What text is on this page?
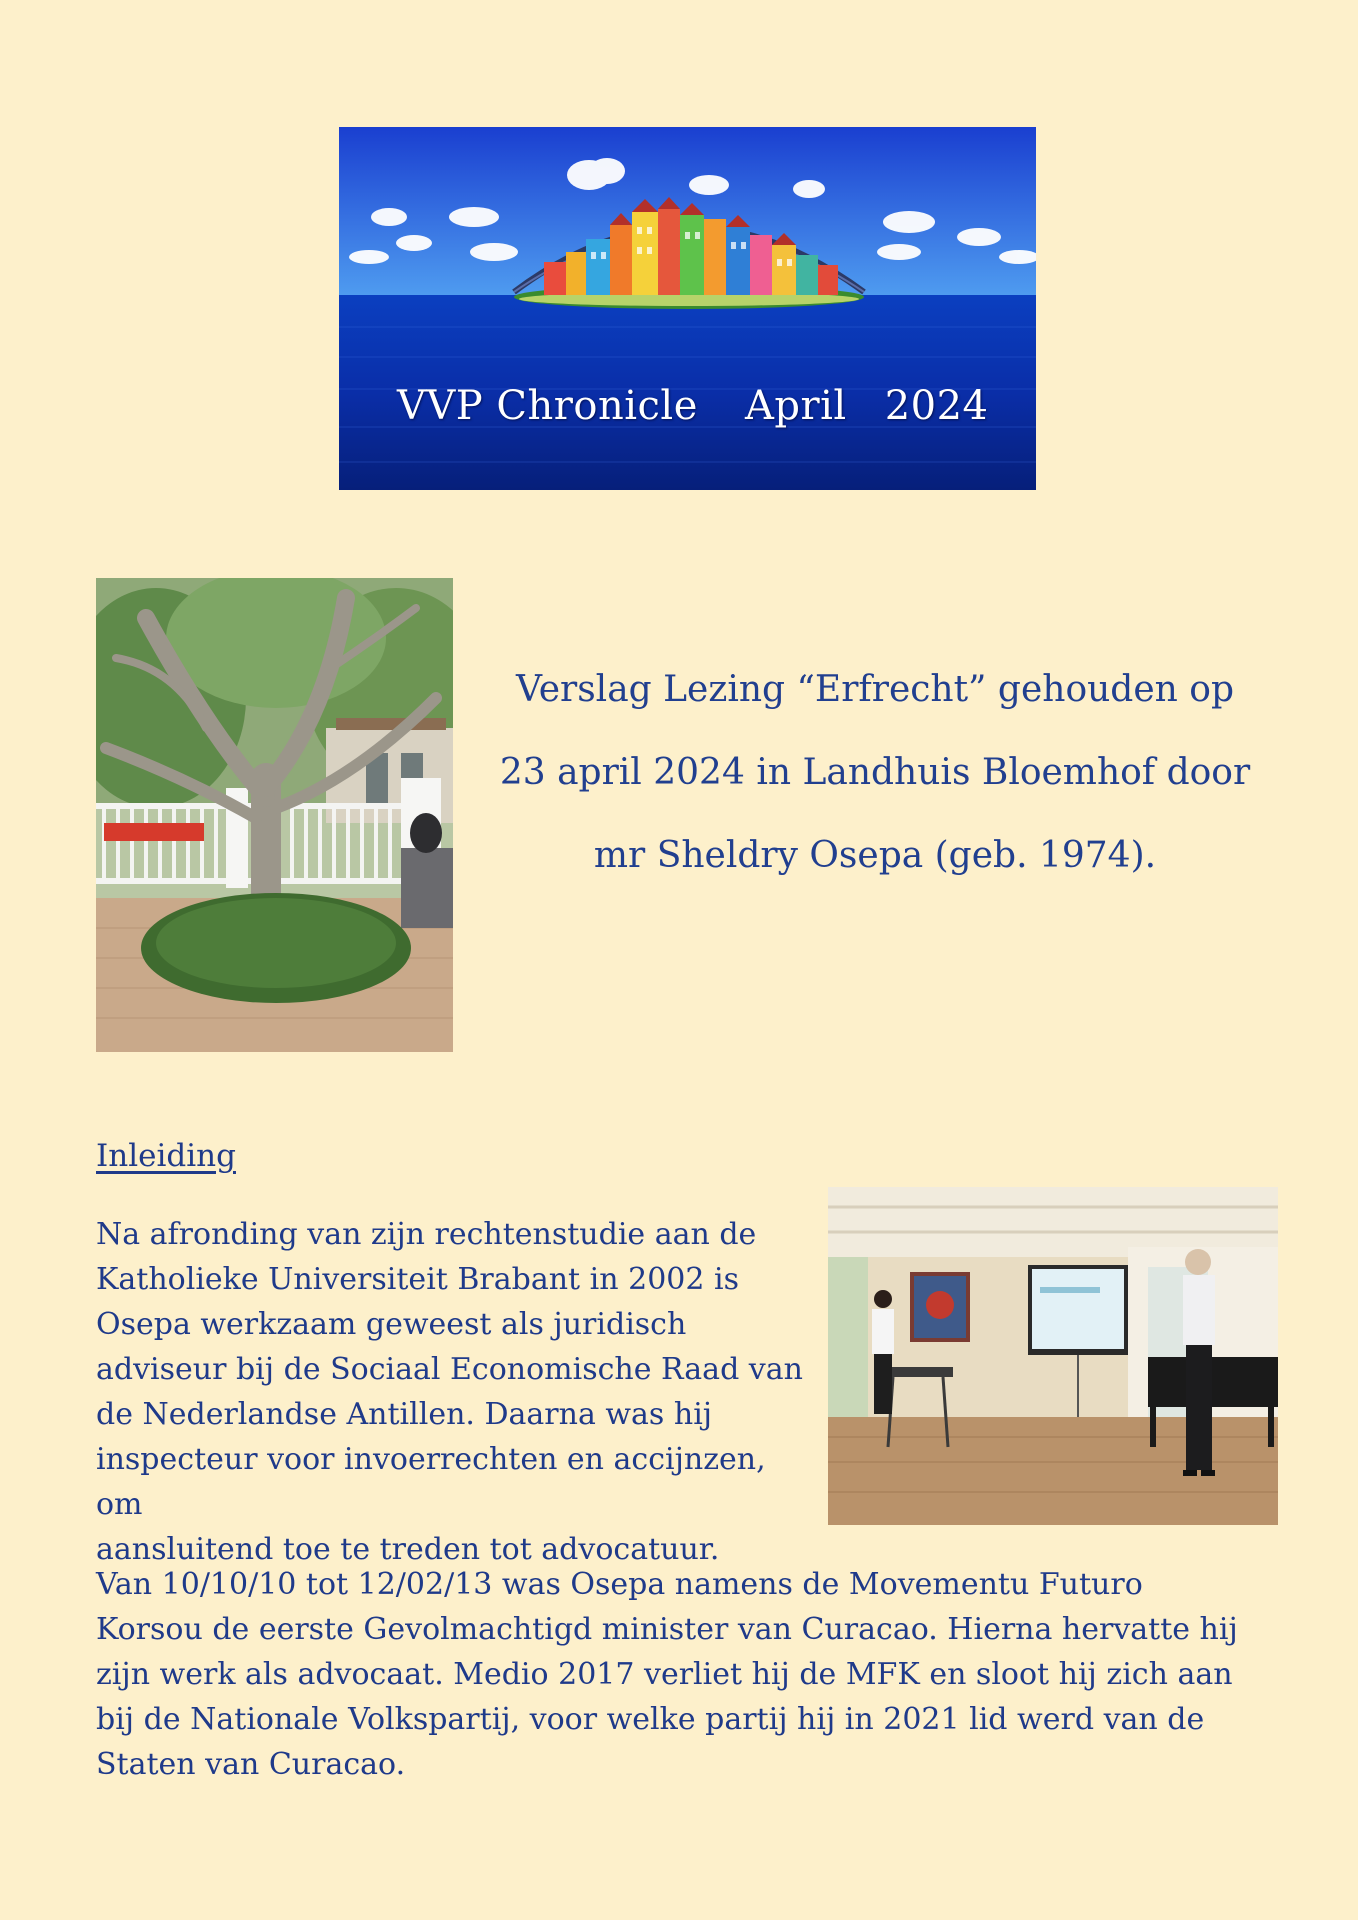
VVP Chronicle April 2024

Verslag Lezing “Erfrecht” gehouden op

23 april 2024 in Landhuis Bloemhof door

mr Sheldry Osepa (geb. 1974).

Inleiding
Na afronding van zijn rechtenstudie aan de
Katholieke Universiteit Brabant in 2002 is
Osepa werkzaam geweest als juridisch
adviseur bij de Sociaal Economische Raad van
de Nederlandse Antillen. Daarna was hij
inspecteur voor invoerrechten en accijnzen, om
aansluitend toe te treden tot advocatuur.
Van 10/10/10 tot 12/02/13 was Osepa namens de Movementu Futuro
Korsou de eerste Gevolmachtigd minister van Curacao. Hierna hervatte hij
zijn werk als advocaat. Medio 2017 verliet hij de MFK en sloot hij zich aan
bij de Nationale Volkspartij, voor welke partij hij in 2021 lid werd van de
Staten van Curacao.
